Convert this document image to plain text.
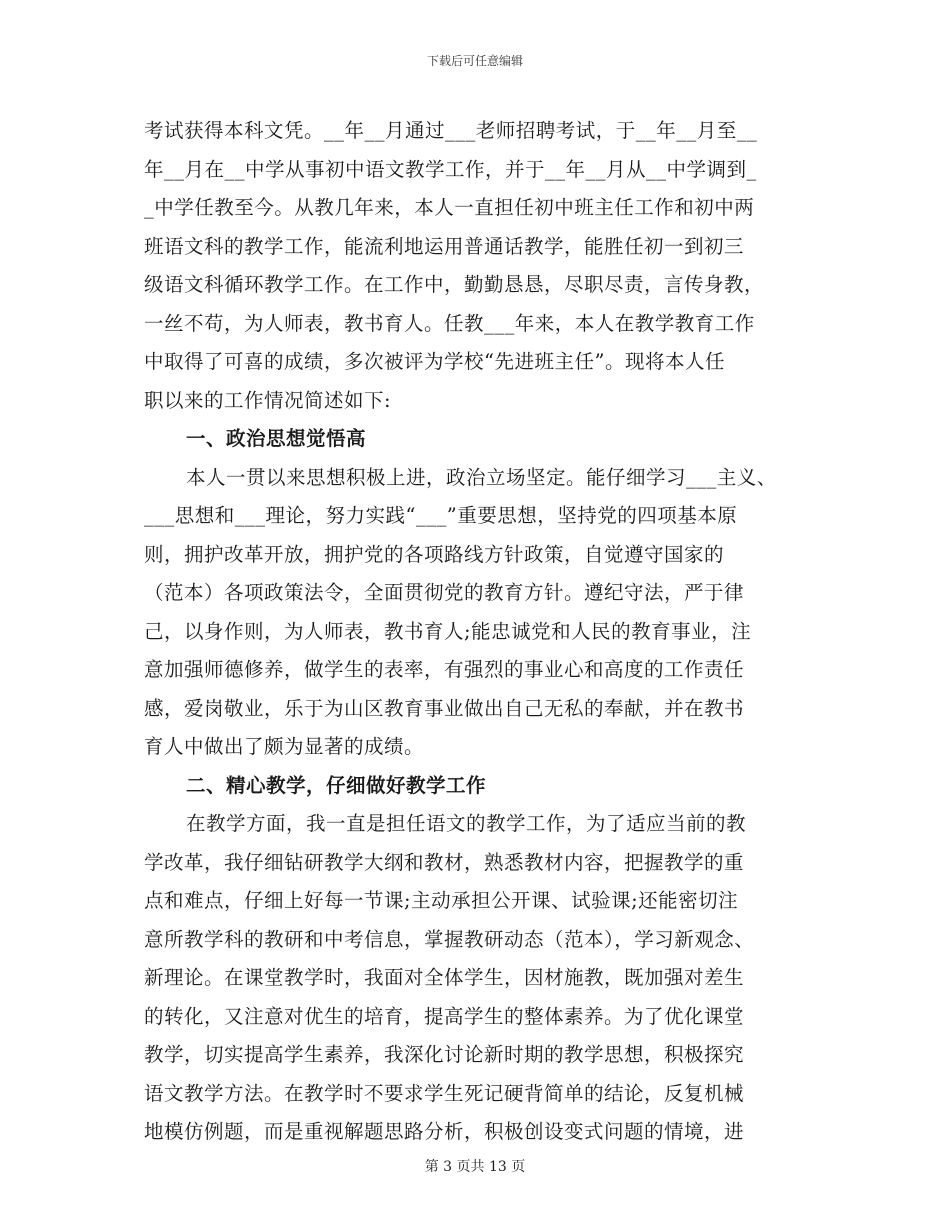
下载后可任意编辑
考试获得本科文凭。__年__月通过___老师招聘考试，于__年__月至__
年__月在__中学从事初中语文教学工作，并于__年__月从__中学调到_
_中学任教至今。从教几年来，本人一直担任初中班主任工作和初中两
班语文科的教学工作，能流利地运用普通话教学，能胜任初一到初三
级语文科循环教学工作。在工作中，勤勤恳恳，尽职尽责，言传身教，
一丝不苟，为人师表，教书育人。任教___年来，本人在教学教育工作
中取得了可喜的成绩，多次被评为学校“先进班主任”。现将本人任
职以来的工作情况简述如下:
一、政治思想觉悟高
本人一贯以来思想积极上进，政治立场坚定。能仔细学习___主义、
___思想和___理论，努力实践“___”重要思想，坚持党的四项基本原
则，拥护改革开放，拥护党的各项路线方针政策，自觉遵守国家的
（范本）各项政策法令，全面贯彻党的教育方针。遵纪守法，严于律
己，以身作则，为人师表，教书育人;能忠诚党和人民的教育事业，注
意加强师德修养，做学生的表率，有强烈的事业心和高度的工作责任
感，爱岗敬业，乐于为山区教育事业做出自己无私的奉献，并在教书
育人中做出了颇为显著的成绩。
二、精心教学，仔细做好教学工作
在教学方面，我一直是担任语文的教学工作，为了适应当前的教
学改革，我仔细钻研教学大纲和教材，熟悉教材内容，把握教学的重
点和难点，仔细上好每一节课;主动承担公开课、试验课;还能密切注
意所教学科的教研和中考信息，掌握教研动态（范本），学习新观念、
新理论。在课堂教学时，我面对全体学生，因材施教，既加强对差生
的转化，又注意对优生的培育，提高学生的整体素养。为了优化课堂
教学，切实提高学生素养，我深化讨论新时期的教学思想，积极探究
语文教学方法。在教学时不要求学生死记硬背简单的结论，反复机械
地模仿例题，而是重视解题思路分析，积极创设变式问题的情境，进
第 3 页共 13 页
